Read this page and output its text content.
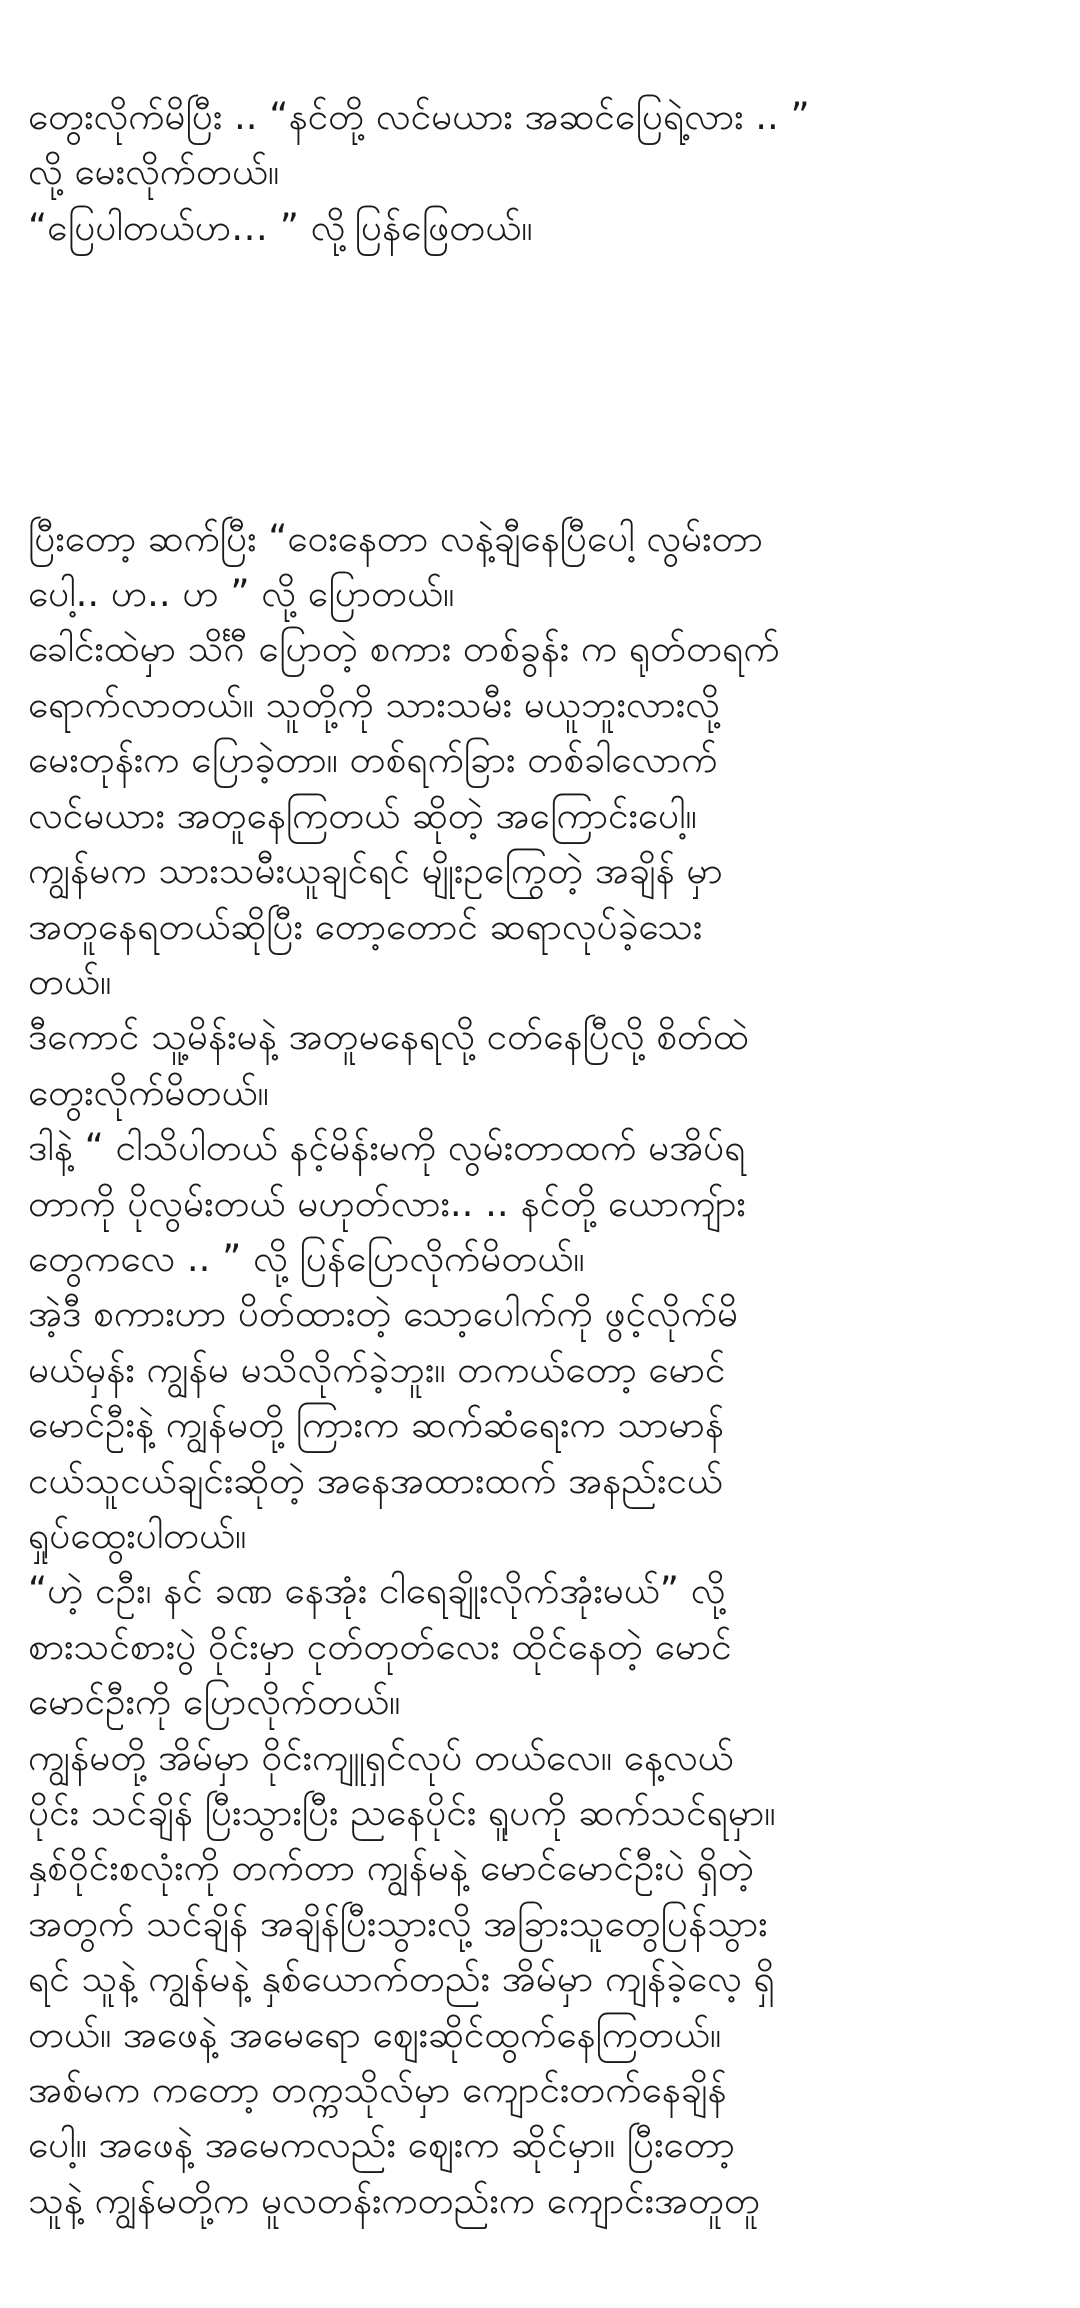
တွေးလိုက်မိပြီး .. “နင်တို့ လင်မယား အဆင်ပြေရဲ့လား .. ”
လို့ မေးလိုက်တယ်။
“ပြေပါတယ်ဟ… ” လို့ပြန်ဖြေတယ်။

ပြီးတော့ ဆက်ပြီး “ဝေးနေတာ လနဲ့ချီနေပြီပေါ့ လွမ်းတာ
ပေါ့.. ဟ.. ဟ ” လို့ ပြောတယ်။
ခေါင်းထဲမှာ သိင်္ဂီ ပြောတဲ့ စကား တစ်ခွန်း က ရုတ်တရက်
ရောက်လာတယ်။ သူတို့ကို သားသမီး မယူဘူးလားလို့
မေးတုန်းက ပြောခဲ့တာ။ တစ်ရက်ခြား တစ်ခါလောက်
လင်မယား အတူနေကြတယ် ဆိုတဲ့ အကြောင်းပေါ့။
ကျွန်မက သားသမီးယူချင်ရင် မျိုးဥကြွေတဲ့ အချိန် မှာ
အတူနေရတယ်ဆိုပြီး တော့တောင် ဆရာလုပ်ခဲ့သေး
တယ်။
ဒီကောင် သူ့မိန်းမနဲ့ အတူမနေရလို့ ငတ်နေပြီလို့ စိတ်ထဲ
တွေးလိုက်မိတယ်။
ဒါနဲ့ “ ငါသိပါတယ် နင့်မိန်းမကို လွမ်းတာထက် မအိပ်ရ
တာကို ပိုလွမ်းတယ် မဟုတ်လား.. .. နင်တို့ ယောကျ်ား
တွေကလေ .. ” လို့ ပြန်ပြောလိုက်မိတယ်။
အဲ့ဒီ စကားဟာ ပိတ်ထားတဲ့ သော့ပေါက်ကို ဖွင့်လိုက်မိ
မယ်မှန်း ကျွန်မ မသိလိုက်ခဲ့ဘူး။ တကယ်တော့ မောင်
မောင်ဦးနဲ့ ကျွန်မတို့ ကြားက ဆက်ဆံရေးက သာမာန်
ငယ်သူငယ်ချင်းဆိုတဲ့ အနေအထားထက် အနည်းငယ်
ရှုပ်ထွေးပါတယ်။
“ဟဲ့ ငဦး၊ နင် ခဏ နေအုံး ငါရေချိုးလိုက်အုံးမယ်” လို့
စားသင်စားပွဲ ဝိုင်းမှာ ငုတ်တုတ်လေး ထိုင်နေတဲ့ မောင်
မောင်ဦးကို ပြောလိုက်တယ်။
ကျွန်မတို့ အိမ်မှာ ဝိုင်းကျူရှင်လုပ် တယ်လေ။ နေ့လယ်
ပိုင်း သင်ချိန် ပြီးသွားပြီး ညနေပိုင်း ရူပကို ဆက်သင်ရမှာ။
နှစ်ဝိုင်းစလုံးကို တက်တာ ကျွန်မနဲ့ မောင်မောင်ဦးပဲ ရှိတဲ့
အတွက် သင်ချိန် အချိန်ပြီးသွားလို့ အခြားသူတွေပြန်သွား
ရင် သူနဲ့ ကျွန်မနဲ့ နှစ်ယောက်တည်း အိမ်မှာ ကျန်ခဲ့လေ့ ရှိ
တယ်။ အဖေနဲ့ အမေရော ဈေးဆိုင်ထွက်နေကြတယ်။
အစ်မက ကတော့ တက္ကသိုလ်မှာ ကျောင်းတက်နေချိန်
ပေါ့။ အဖေနဲ့ အမေကလည်း ဈေးက ဆိုင်မှာ။ ပြီးတော့
သူနဲ့ ကျွန်မတို့က မူလတန်းကတည်းက ကျောင်းအတူတူ
